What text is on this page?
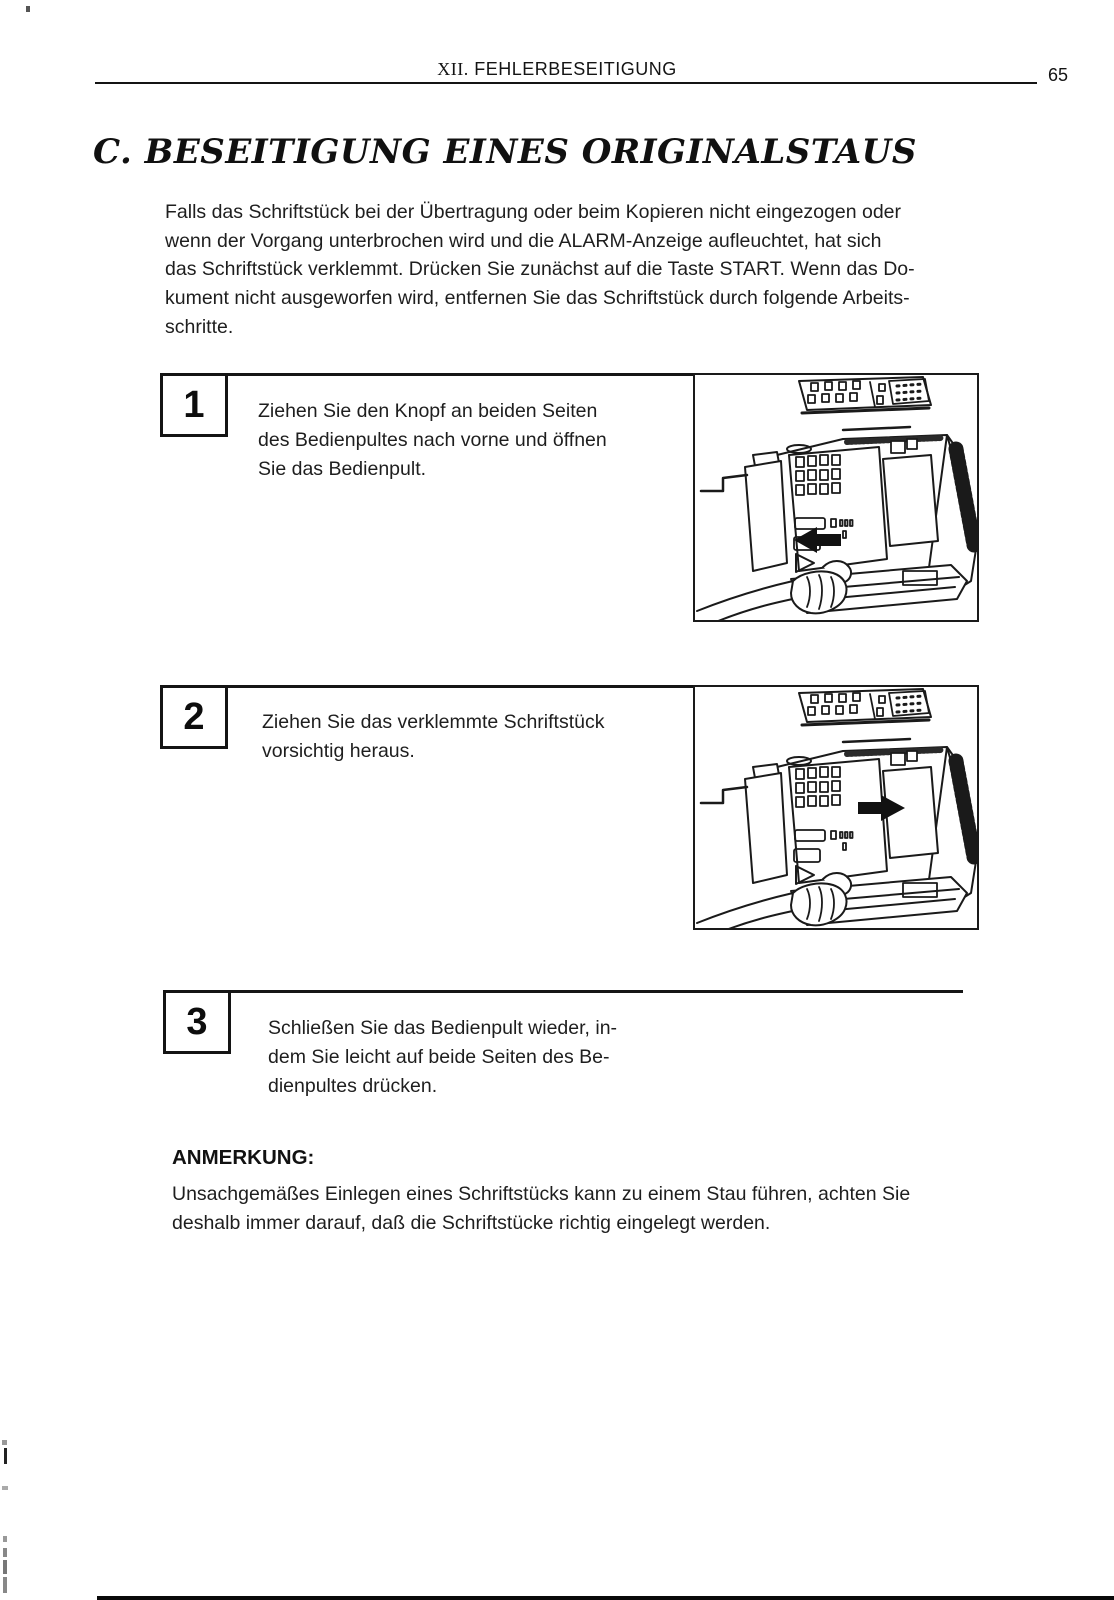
XII. FEHLERBESEITIGUNG	65
C. BESEITIGUNG EINES ORIGINALSTAUS
Falls das Schriftstück bei der Übertragung oder beim Kopieren nicht eingezogen oder
wenn der Vorgang unterbrochen wird und die ALARM-Anzeige aufleuchtet, hat sich
das Schriftstück verklemmt. Drücken Sie zunächst auf die Taste START. Wenn das Do-
kument nicht ausgeworfen wird, entfernen Sie das Schriftstück durch folgende Arbeits-
schritte.
1	Ziehen Sie den Knopf an beiden Seiten
des Bedienpultes nach vorne und öffnen
Sie das Bedienpult.
2	Ziehen Sie das verklemmte Schriftstück
vorsichtig heraus.
3	Schließen Sie das Bedienpult wieder, in-
dem Sie leicht auf beide Seiten des Be-
dienpultes drücken.
ANMERKUNG:
Unsachgemäßes Einlegen eines Schriftstücks kann zu einem Stau führen, achten Sie
deshalb immer darauf, daß die Schriftstücke richtig eingelegt werden.
